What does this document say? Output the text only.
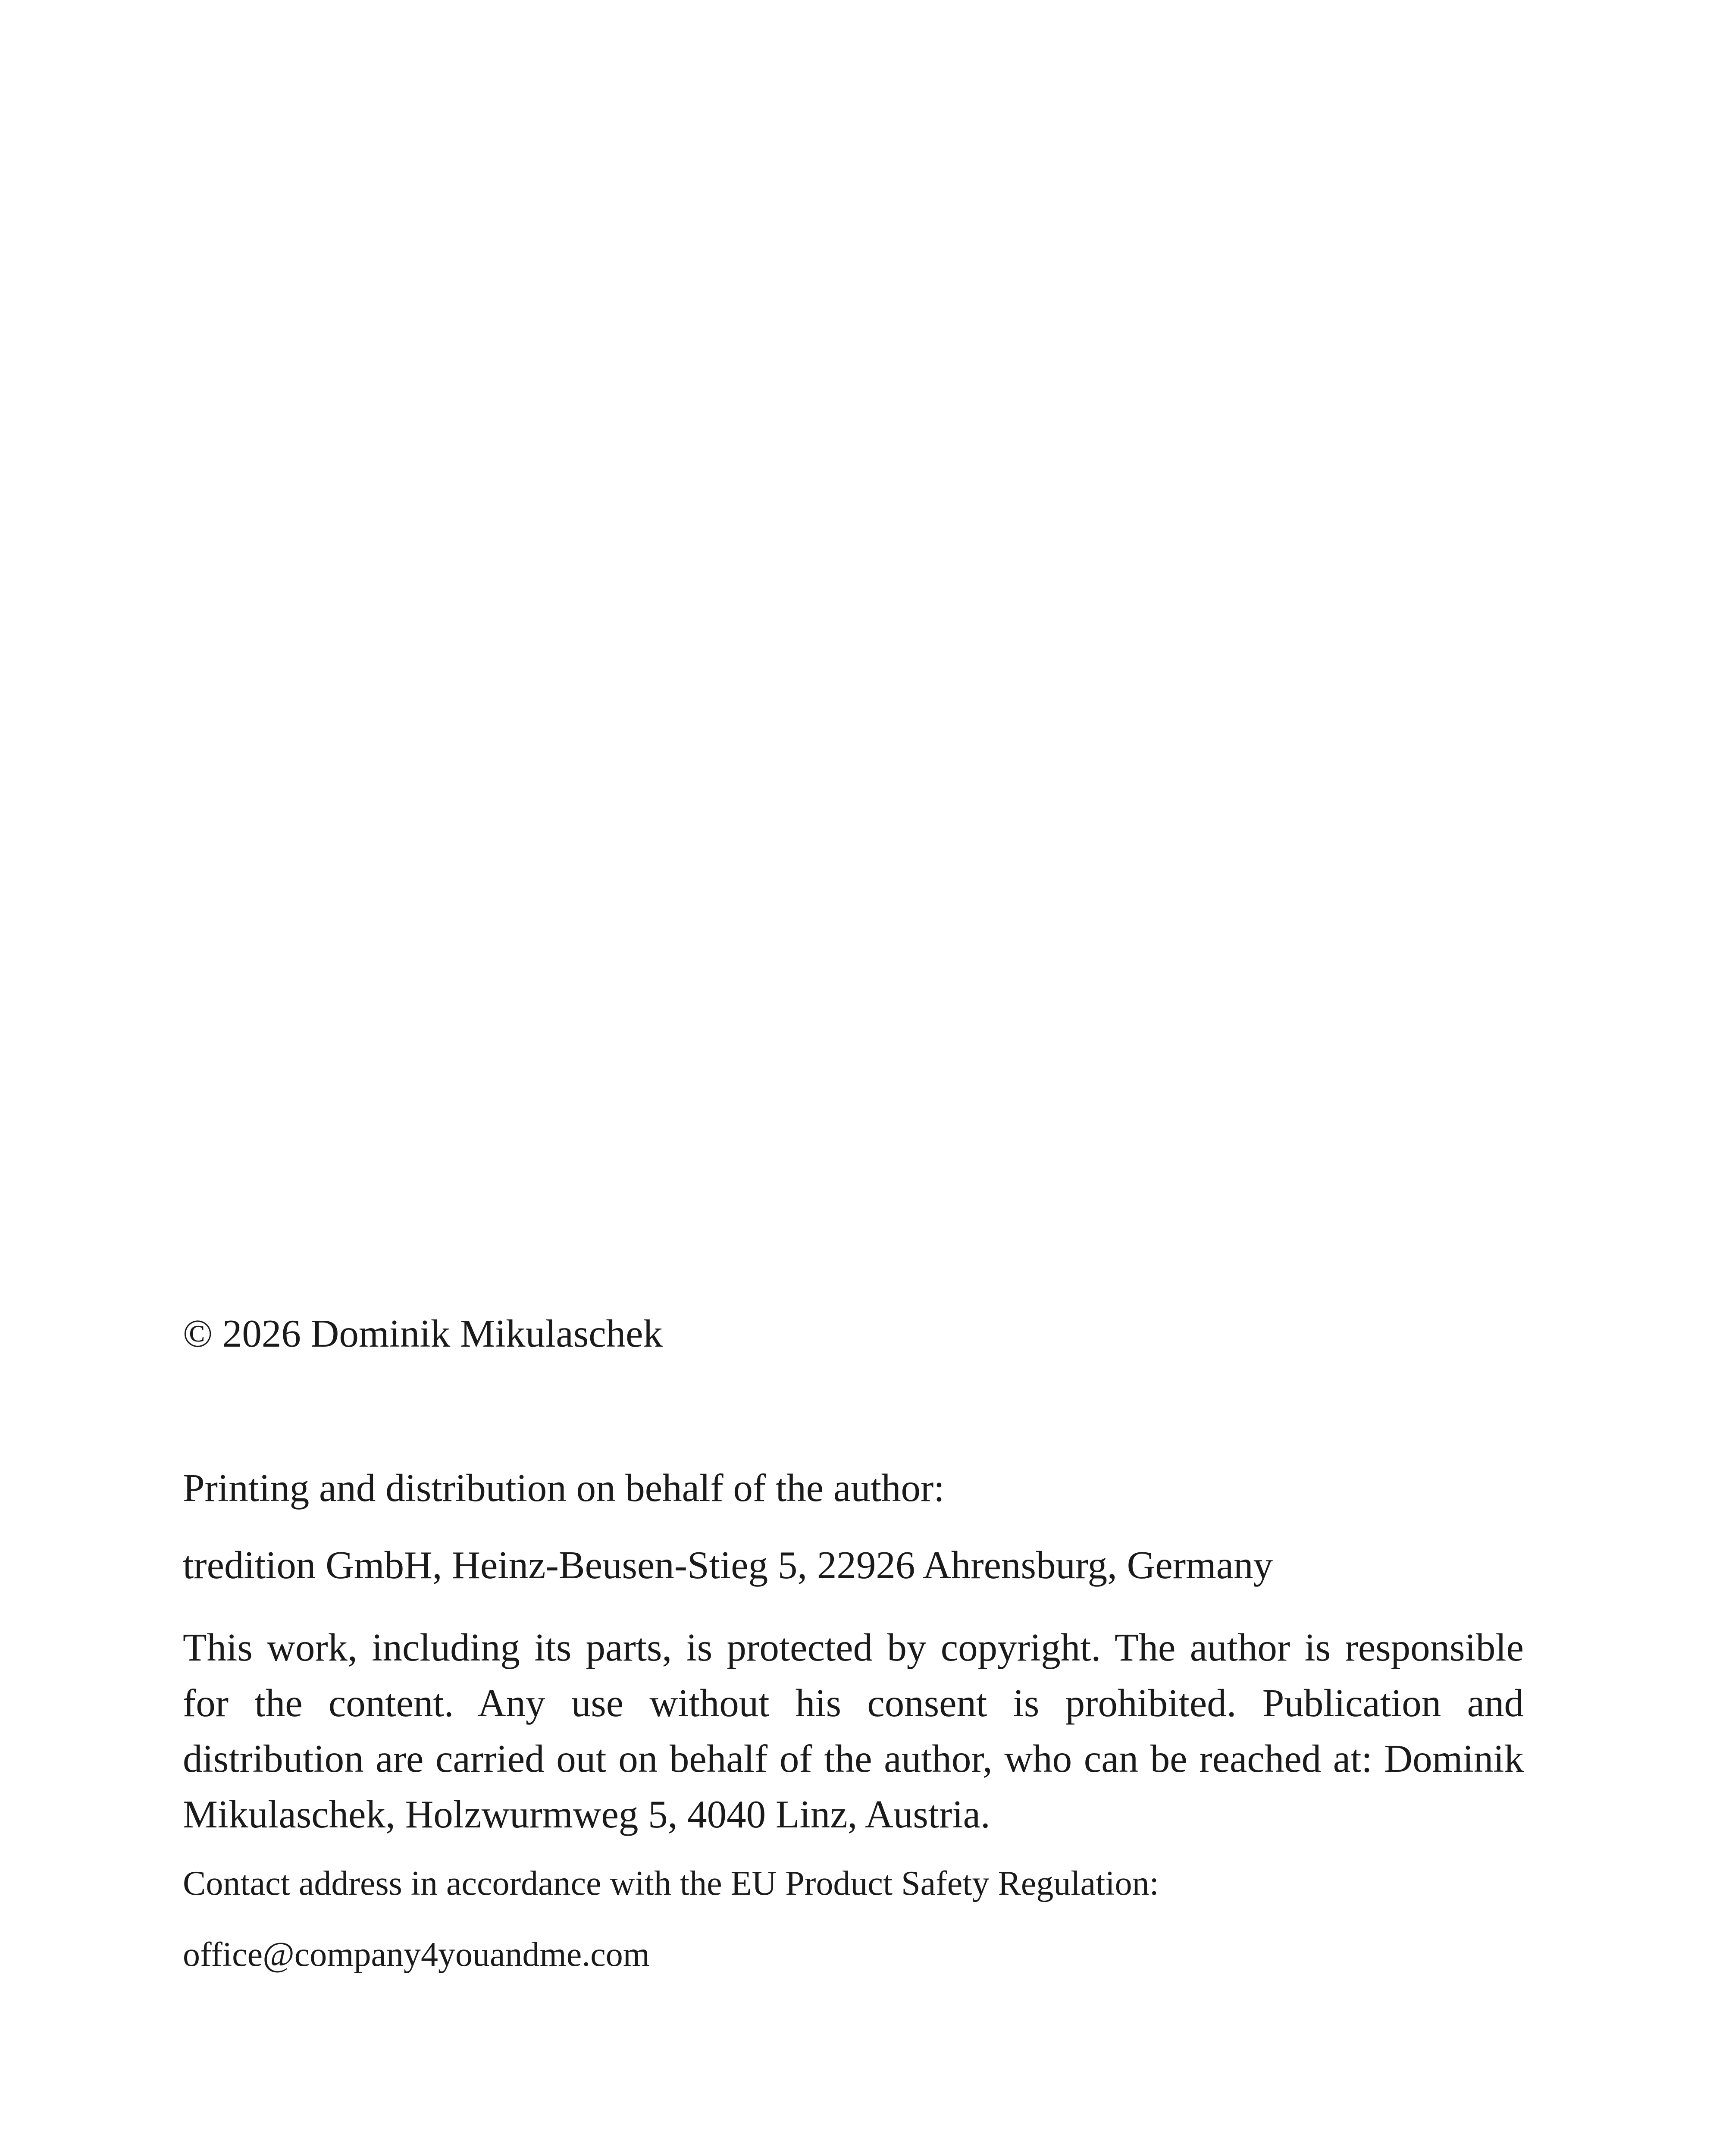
© 2026 Dominik Mikulaschek
Printing and distribution on behalf of the author:
tredition GmbH, Heinz-Beusen-Stieg 5, 22926 Ahrensburg, Germany

This work, including its parts, is protected by copyright. The author is responsible for the content. Any use without his consent is prohibited. Publication and distribution are carried out on behalf of the author, who can be reached at: Dominik Mikulaschek, Holzwurmweg 5, 4040 Linz, Austria.

Contact address in accordance with the EU Product Safety Regulation:
office@company4youandme.com
